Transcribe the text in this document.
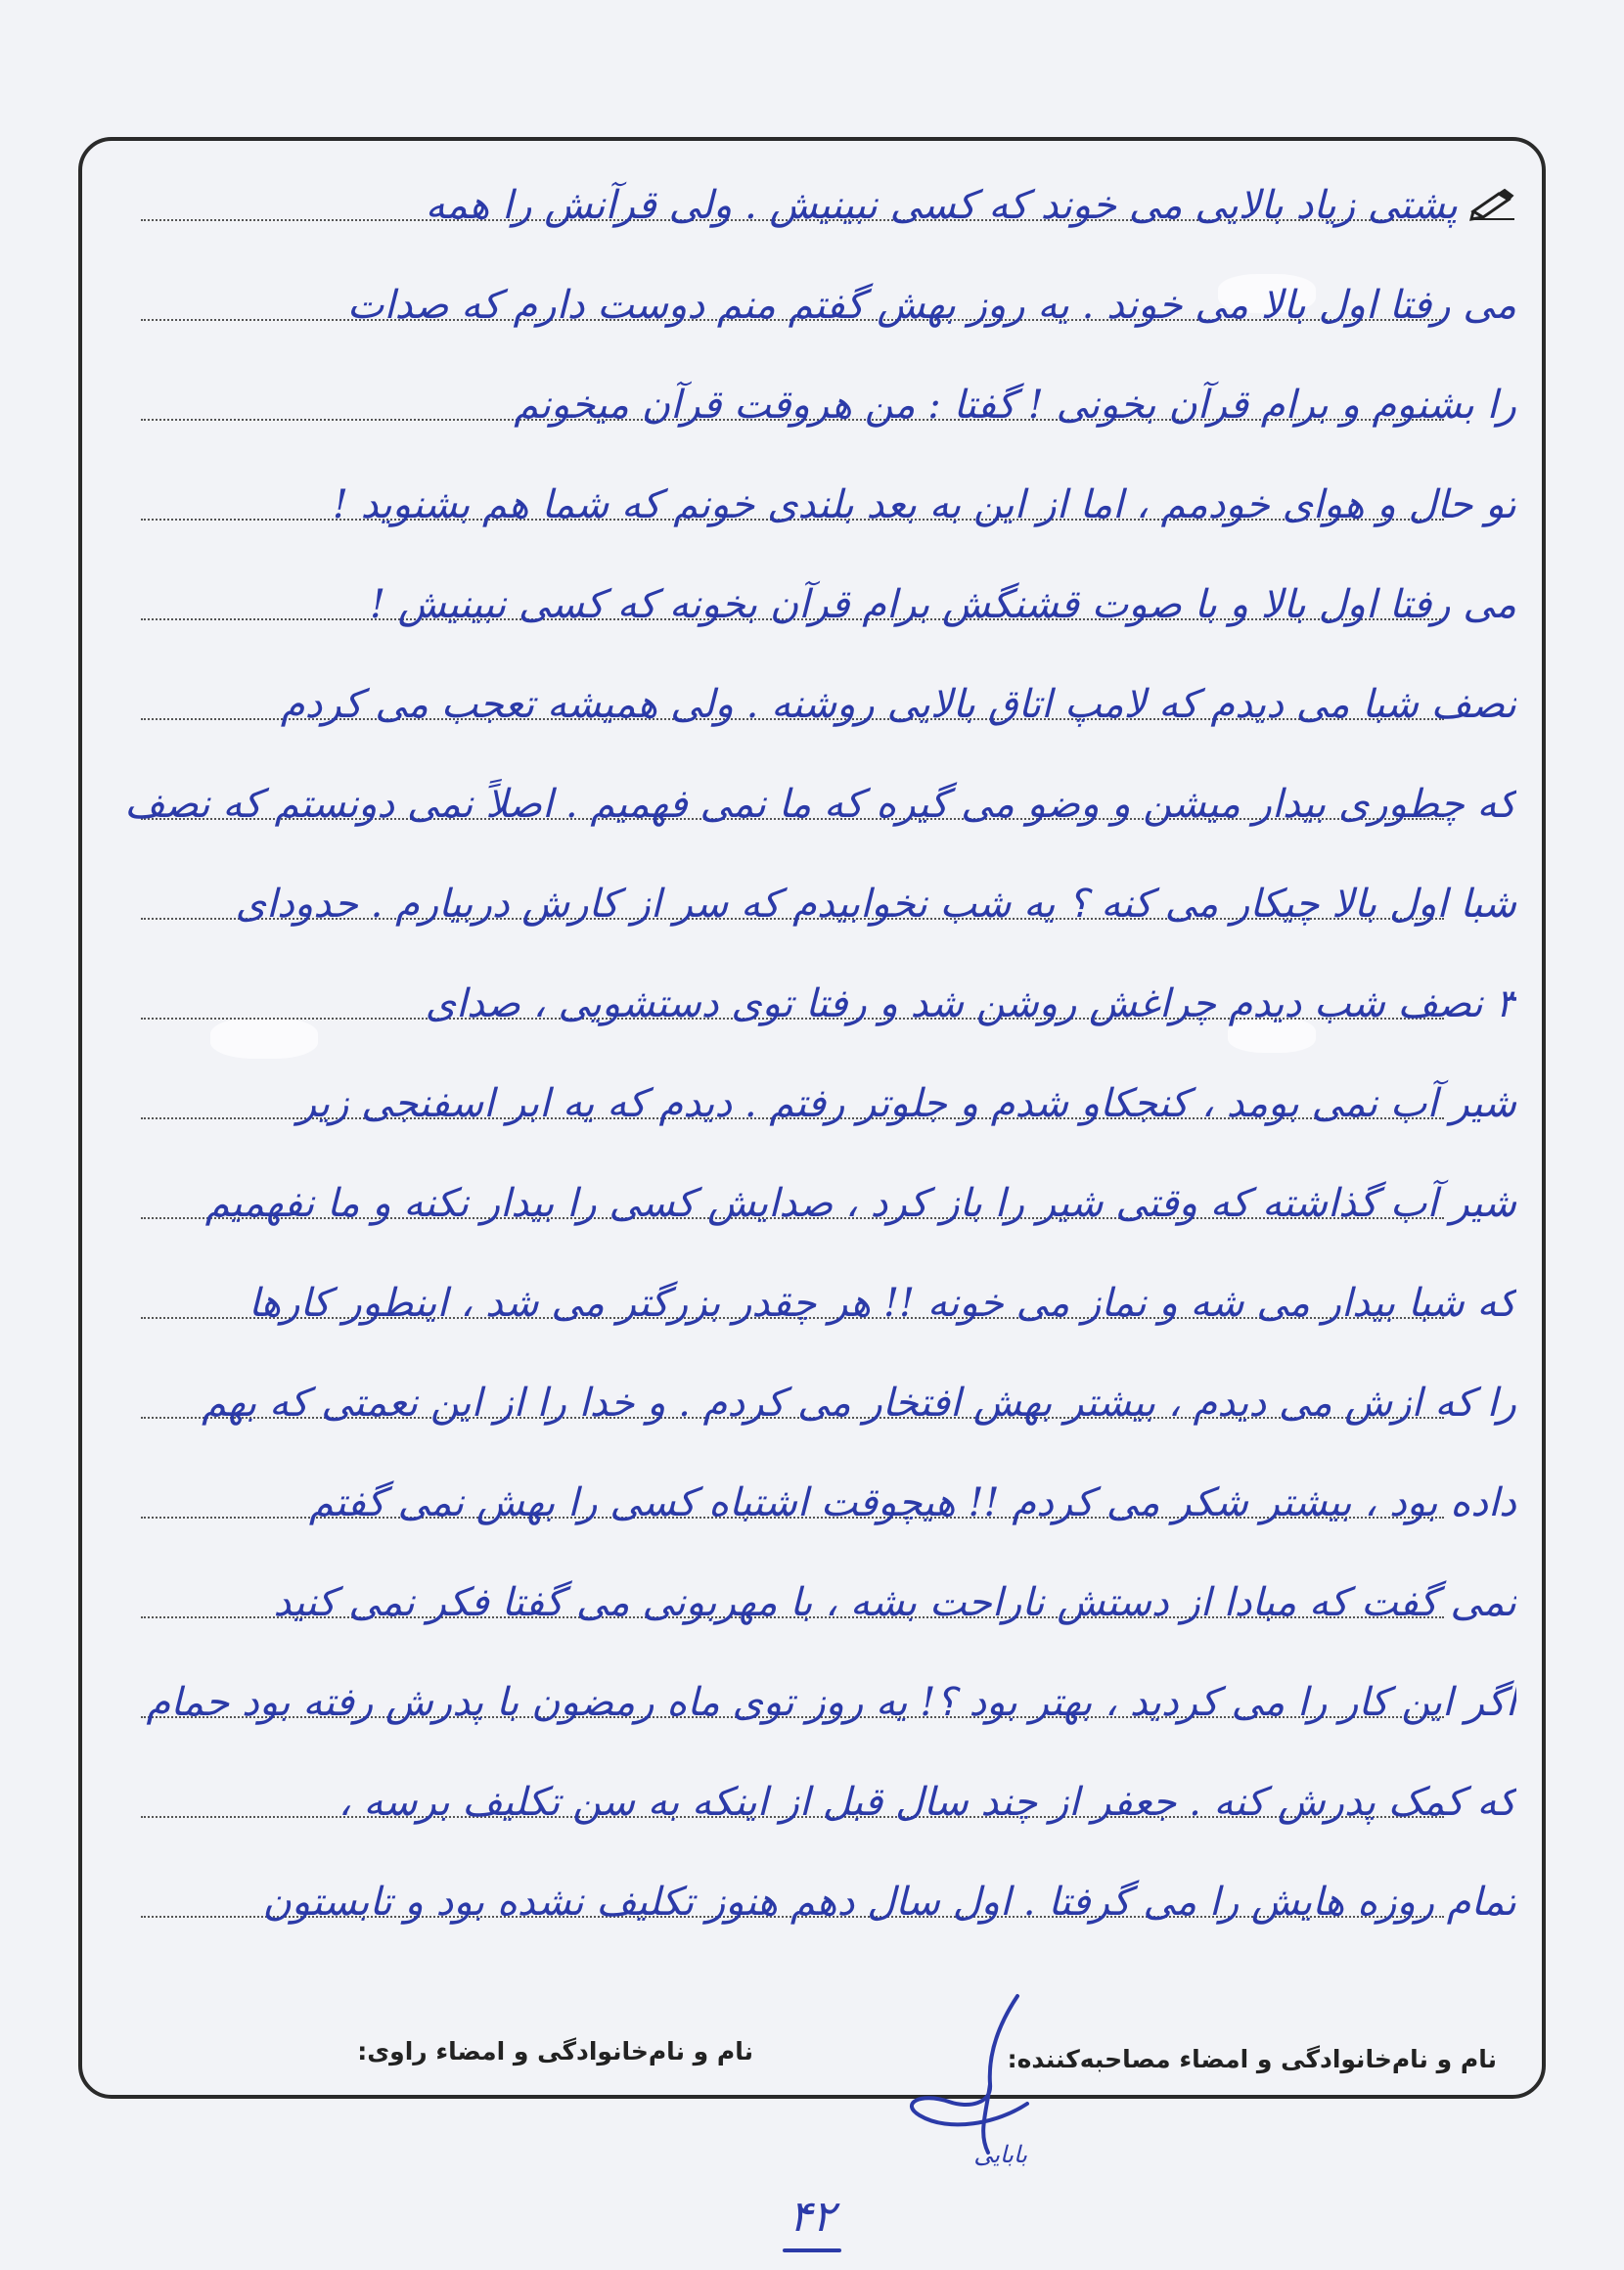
پشتی زیاد بالایی می خوند که کسی نبینیش . ولی قرآنش را همه
می رفتا اول بالا می خوند . یه روز بهش گفتم منم دوست دارم که صدات
را بشنوم و برام قرآن بخونی ! گفتا : من هروقت قرآن میخونم
تو حال و هوای خودمم ، اما از این به بعد بلندی خونم که شما هم بشنوید !
می رفتا اول بالا و با صوت قشنگش برام قرآن بخونه که کسی نبینیش !
نصف شبا می دیدم که لامپ اتاق بالایی روشنه . ولی همیشه تعجب می کردم
که چطوری بیدار میشن و وضو می گیره که ما نمی فهمیم . اصلاً نمی دونستم که نصف
شبا اول بالا چیکار می کنه ؟ یه شب نخوابیدم که سر از کارش دربیارم . حدودای
۳ نصف شب دیدم چراغش روشن شد و رفتا توی دستشویی ، صدای
شیر آب نمی بومد ، کنجکاو شدم و جلوتر رفتم . دیدم که یه ابر اسفنجی زیر
شیر آب گذاشته که وقتی شیر را باز کرد ، صدایش کسی را بیدار نکنه و ما نفهمیم
که شبا بیدار می شه و نماز می خونه !! هر چقدر بزرگتر می شد ، اینطور کارها
را که ازش می دیدم ، بیشتر بهش افتخار می کردم . و خدا را از این نعمتی که بهم
داده بود ، بیشتر شکر می کردم !! هیچوقت اشتباه کسی را بهش نمی گفتم
نمی گفت که مبادا از دستش ناراحت بشه ، با مهربونی می گفتا فکر نمی کنید
اگر این کار را می کردید ، بهتر بود ؟! یه روز توی ماه رمضون با پدرش رفته بود حمام
که کمک پدرش کنه . جعفر از چند سال قبل از اینکه به سن تکلیف برسه ،
تمام روزه هایش را می گرفتا . اول سال دهم هنوز تکلیف نشده بود و تابستون
نام و نام‌خانوادگی و امضاء مصاحبه‌کننده:
نام و نام‌خانوادگی و امضاء راوی:
بابایی
۴۲
